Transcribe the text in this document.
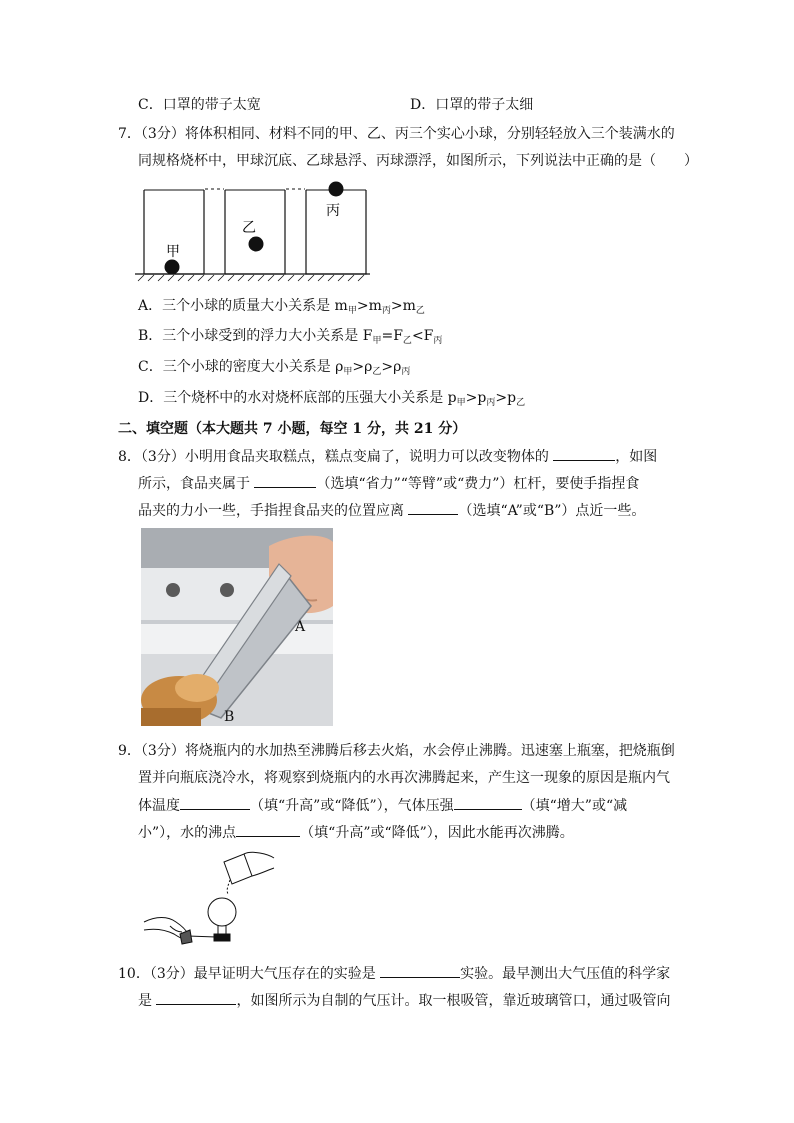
C．口罩的带子太宽	D．口罩的带子太细
7．（3分）将体积相同、材料不同的甲、乙、丙三个实心小球，分别轻轻放入三个装满水的
同规格烧杯中，甲球沉底、乙球悬浮、丙球漂浮，如图所示，下列说法中正确的是（　　）
甲
乙
丙
A．三个小球的质量大小关系是 $m_甲>m_丙>m_乙$
B．三个小球受到的浮力大小关系是 $F_甲=F_乙<F_丙$
C．三个小球的密度大小关系是 $\rho_甲>\rho_乙>\rho_丙$
D．三个烧杯中的水对烧杯底部的压强大小关系是 $p_甲>p_丙>p_乙$
二、填空题（本大题共 7 小题，每空 1 分，共 21 分）
8．（3分）小明用食品夹取糕点，糕点变扁了，说明力可以改变物体的	，如图
所示，食品夹属于	（选填“省力”“等臂”或“费力”）杠杆，要使手指捏食
品夹的力小一些，手指捏食品夹的位置应离	（选填“A”或“B”）点近一些。
A
B
9．（3分）将烧瓶内的水加热至沸腾后移去火焰，水会停止沸腾。迅速塞上瓶塞，把烧瓶倒
置并向瓶底浇冷水，将观察到烧瓶内的水再次沸腾起来，产生这一现象的原因是瓶内气
体温度	（填“升高”或“降低”），气体压强	（填“增大”或“减
小”），水的沸点	（填“升高”或“降低”），因此水能再次沸腾。
10．（3分）最早证明大气压存在的实验是	实验。最早测出大气压值的科学家
是	，如图所示为自制的气压计。取一根吸管，靠近玻璃管口，通过吸管向
